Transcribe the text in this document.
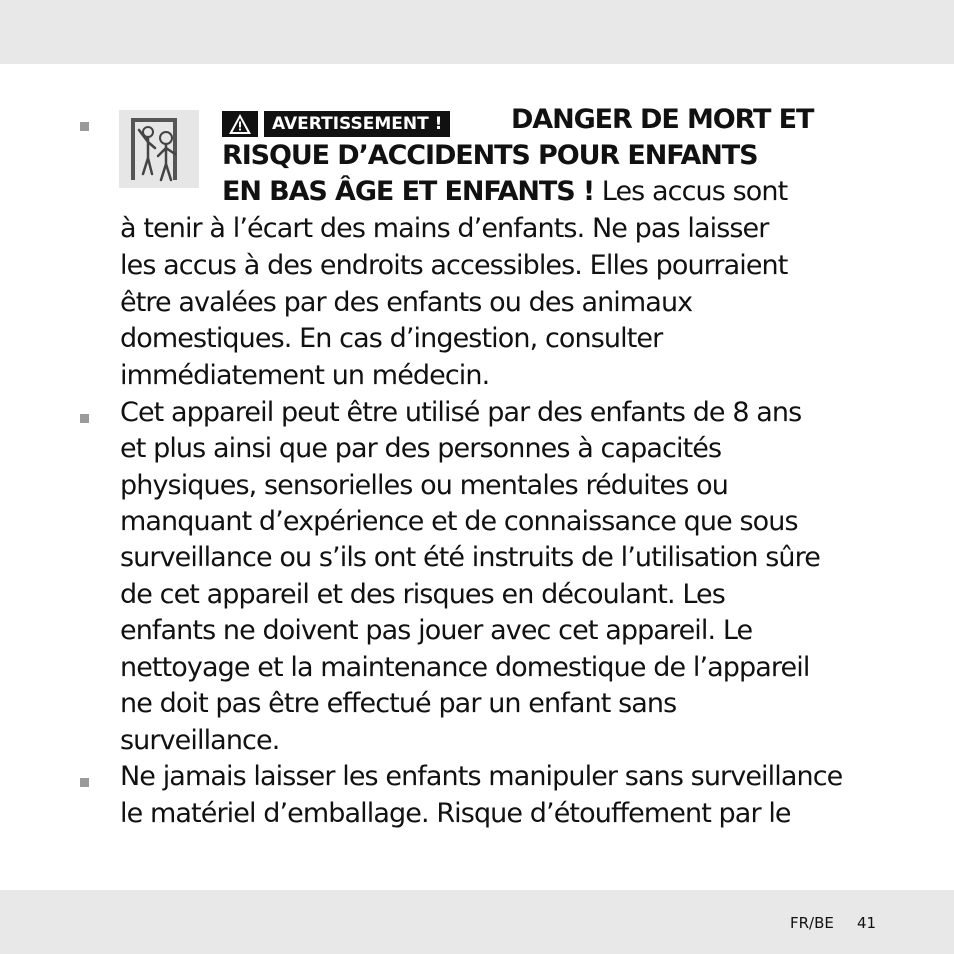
AVERTISSEMENT !	DANGER DE MORT ET
RISQUE D’ACCIDENTS POUR ENFANTS
EN BAS ÂGE ET ENFANTS ! Les accus sont
à tenir à l’écart des mains d’enfants. Ne pas laisser
les accus à des endroits accessibles. Elles pourraient
être avalées par des enfants ou des animaux
domestiques. En cas d’ingestion, consulter
immédiatement un médecin.
Cet appareil peut être utilisé par des enfants de 8 ans
et plus ainsi que par des personnes à capacités
physiques, sensorielles ou mentales réduites ou
manquant d’expérience et de connaissance que sous
surveillance ou s’ils ont été instruits de l’utilisation sûre
de cet appareil et des risques en découlant. Les
enfants ne doivent pas jouer avec cet appareil. Le
nettoyage et la maintenance domestique de l’appareil
ne doit pas être effectué par un enfant sans
surveillance.
Ne jamais laisser les enfants manipuler sans surveillance
le matériel d’emballage. Risque d’étouffement par le
FR/BE 41
